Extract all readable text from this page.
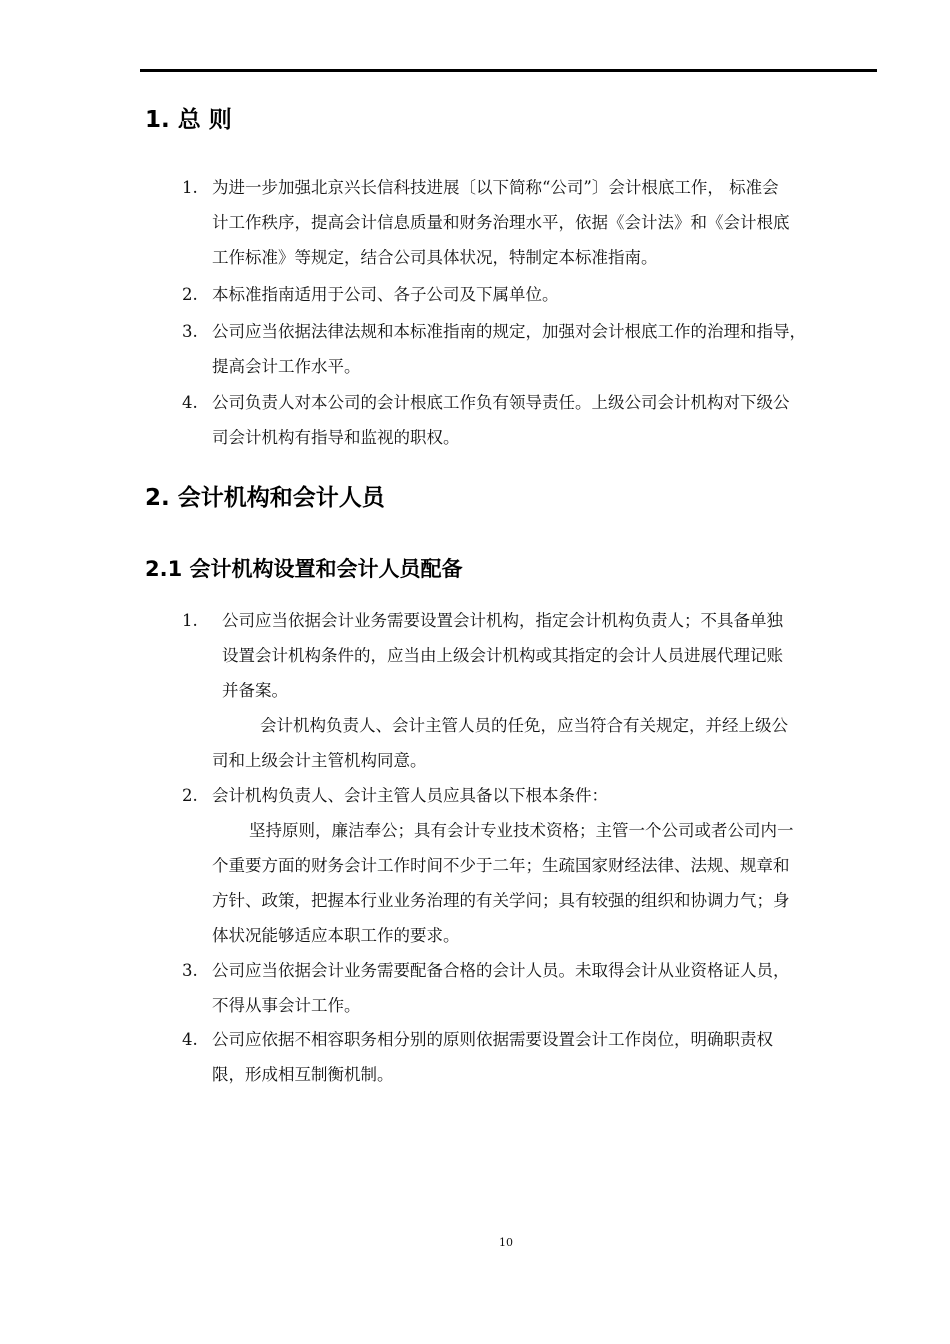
1. 总 则
1. 为进一步加强北京兴长信科技进展〔以下简称“公司”〕会计根底工作， 标准会
计工作秩序，提高会计信息质量和财务治理水平，依据《会计法》和《会计根底
工作标准》等规定，结合公司具体状况，特制定本标准指南。
2. 本标准指南适用于公司、各子公司及下属单位。
3. 公司应当依据法律法规和本标准指南的规定，加强对会计根底工作的治理和指导，
提高会计工作水平。
4. 公司负责人对本公司的会计根底工作负有领导责任。上级公司会计机构对下级公
司会计机构有指导和监视的职权。
2. 会计机构和会计人员
2.1 会计机构设置和会计人员配备
1.	公司应当依据会计业务需要设置会计机构，指定会计机构负责人；不具备单独
设置会计机构条件的，应当由上级会计机构或其指定的会计人员进展代理记账
并备案。
会计机构负责人、会计主管人员的任免，应当符合有关规定，并经上级公
司和上级会计主管机构同意。
2. 会计机构负责人、会计主管人员应具备以下根本条件：
坚持原则，廉洁奉公；具有会计专业技术资格；主管一个公司或者公司内一
个重要方面的财务会计工作时间不少于二年；生疏国家财经法律、法规、规章和
方针、政策，把握本行业业务治理的有关学问；具有较强的组织和协调力气；身
体状况能够适应本职工作的要求。
3. 公司应当依据会计业务需要配备合格的会计人员。未取得会计从业资格证人员，
不得从事会计工作。
4. 公司应依据不相容职务相分别的原则依据需要设置会计工作岗位，明确职责权
限，形成相互制衡机制。
10
